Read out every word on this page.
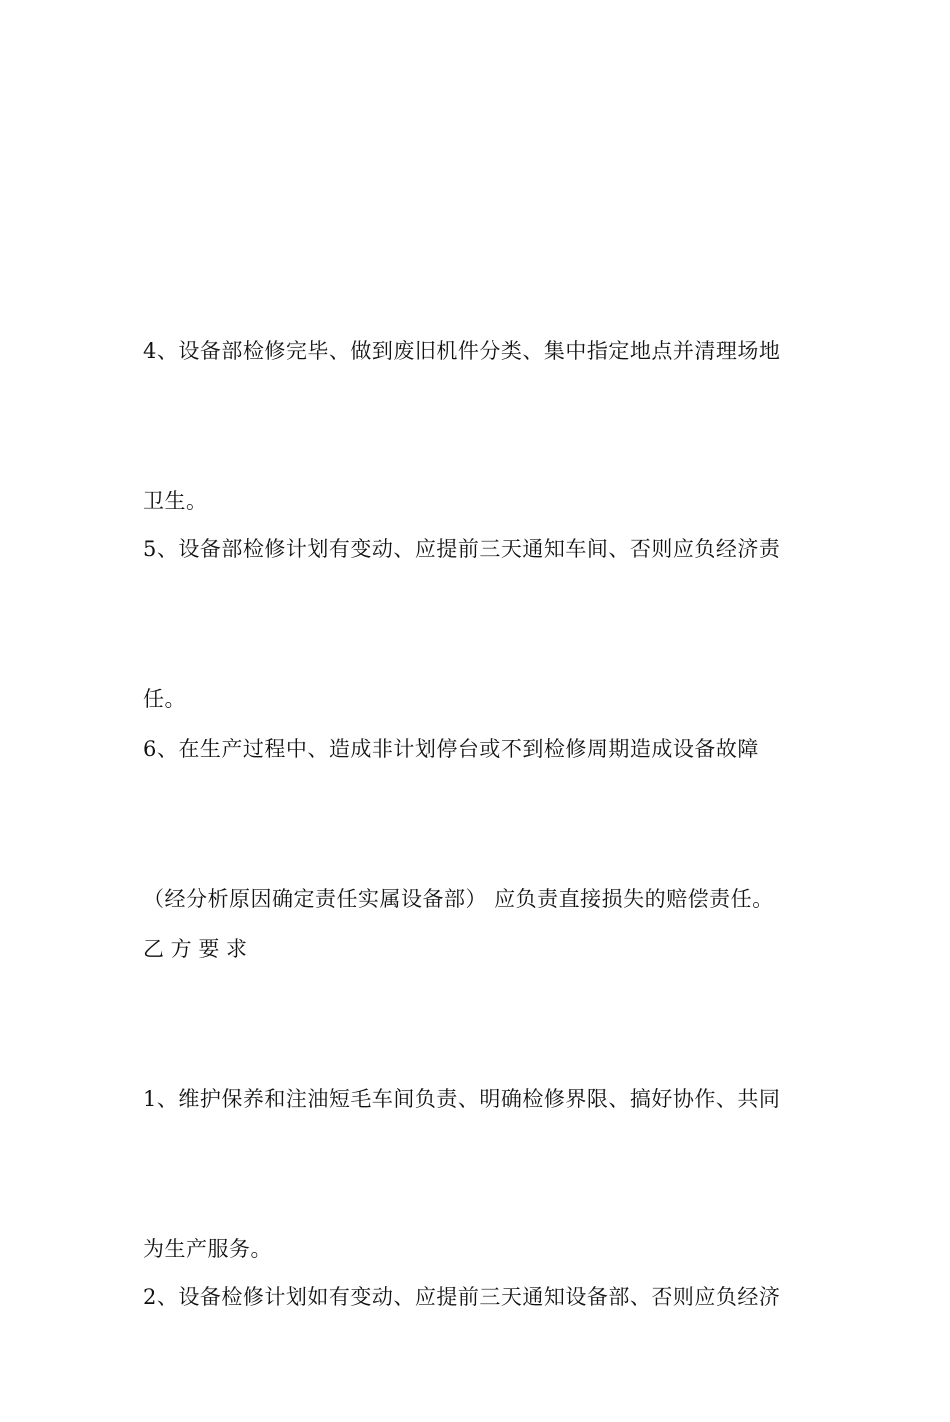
4、设备部检修完毕、做到废旧机件分类、集中指定地点并清理场地

卫生。

5、设备部检修计划有变动、应提前三天通知车间、否则应负经济责

任。

6、在生产过程中、造成非计划停台或不到检修周期造成设备故障

（经分析原因确定责任实属设备部） 应负责直接损失的赔偿责任。

乙 方 要 求

1、维护保养和注油短毛车间负责、明确检修界限、搞好协作、共同

为生产服务。

2、设备检修计划如有变动、应提前三天通知设备部、否则应负经济
